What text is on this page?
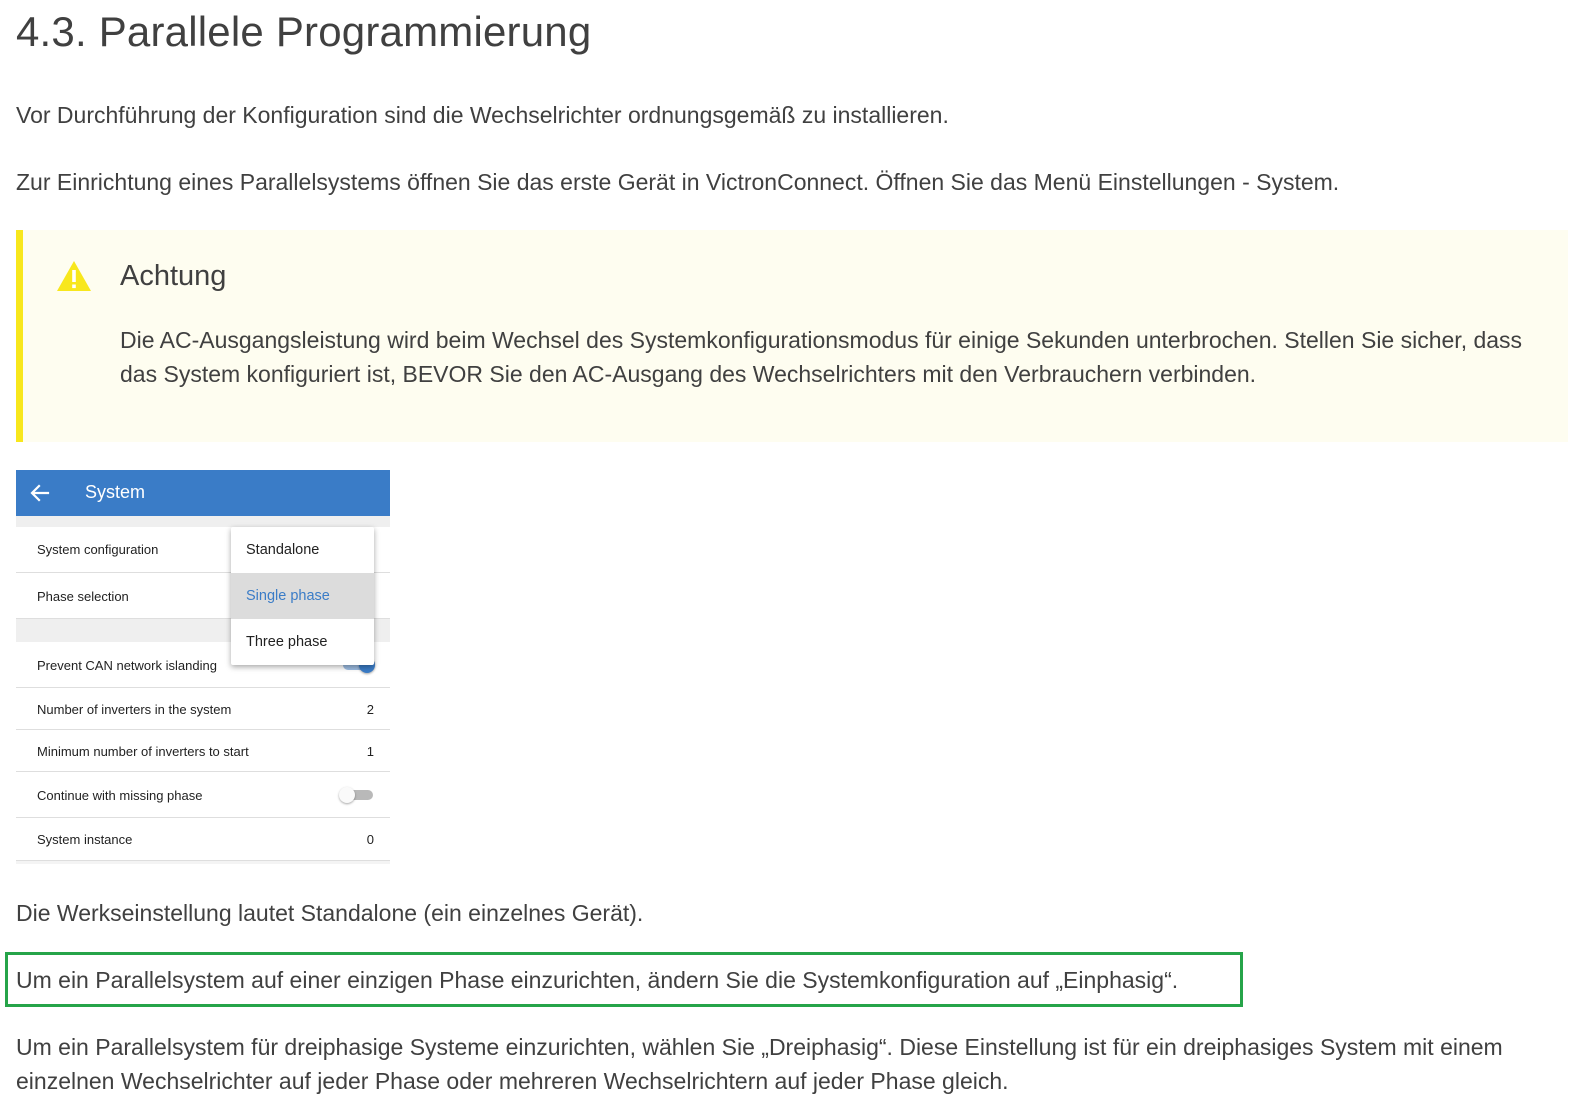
4.3. Parallele Programmierung

Vor Durchführung der Konfiguration sind die Wechselrichter ordnungsgemäß zu installieren.

Zur Einrichtung eines Parallelsystems öffnen Sie das erste Gerät in VictronConnect. Öffnen Sie das Menü Einstellungen - System.

Achtung
Die AC-Ausgangsleistung wird beim Wechsel des Systemkonfigurationsmodus für einige Sekunden unterbrochen. Stellen Sie sicher, dass das System konfiguriert ist, BEVOR Sie den AC-Ausgang des Wechselrichters mit den Verbrauchern verbinden.
System
System configuration
Phase selection
Prevent CAN network islanding
Number of inverters in the system	2
Minimum number of inverters to start	1
Continue with missing phase
System instance	0
Standalone
Single phase
Three phase

Die Werkseinstellung lautet Standalone (ein einzelnes Gerät).

Um ein Parallelsystem auf einer einzigen Phase einzurichten, ändern Sie die Systemkonfiguration auf „Einphasig“.

Um ein Parallelsystem für dreiphasige Systeme einzurichten, wählen Sie „Dreiphasig“. Diese Einstellung ist für ein dreiphasiges System mit einem einzelnen Wechselrichter auf jeder Phase oder mehreren Wechselrichtern auf jeder Phase gleich.
